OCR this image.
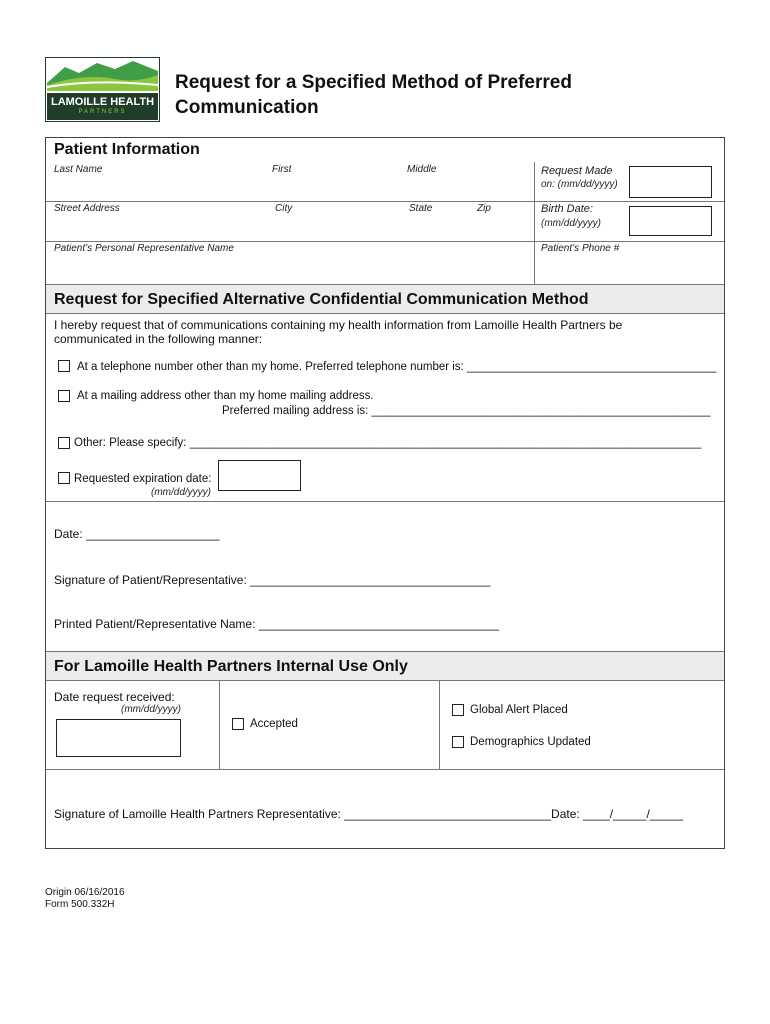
LAMOILLE HEALTH
PARTNERS
Request for a Specified Method of Preferred
Communication
Patient Information
Last Name	First	Middle	Request Made
on: (mm/dd/yyyy)
Street Address	City	State	Zip	Birth Date:
(mm/dd/yyyy)
Patient’s Personal Representative Name	Patient’s Phone #
Request for Specified Alternative Confidential Communication Method
I hereby request that of communications containing my health information from Lamoille Health Partners be
communicated in the following manner:
At a telephone number other than my home. Preferred telephone number is: _______________________________________
At a mailing address other than my home mailing address.
Preferred mailing address is: _____________________________________________________
Other: Please specify: ________________________________________________________________________________
Requested expiration date:
(mm/dd/yyyy)
Date: ____________________
Signature of Patient/Representative: ____________________________________
Printed Patient/Representative Name: ____________________________________
For Lamoille Health Partners Internal Use Only
Date request received:
(mm/dd/yyyy)
Accepted
Global Alert Placed
Demographics Updated
Signature of Lamoille Health Partners Representative: _______________________________Date: ____/_____/_____
Origin 06/16/2016
Form 500.332H
